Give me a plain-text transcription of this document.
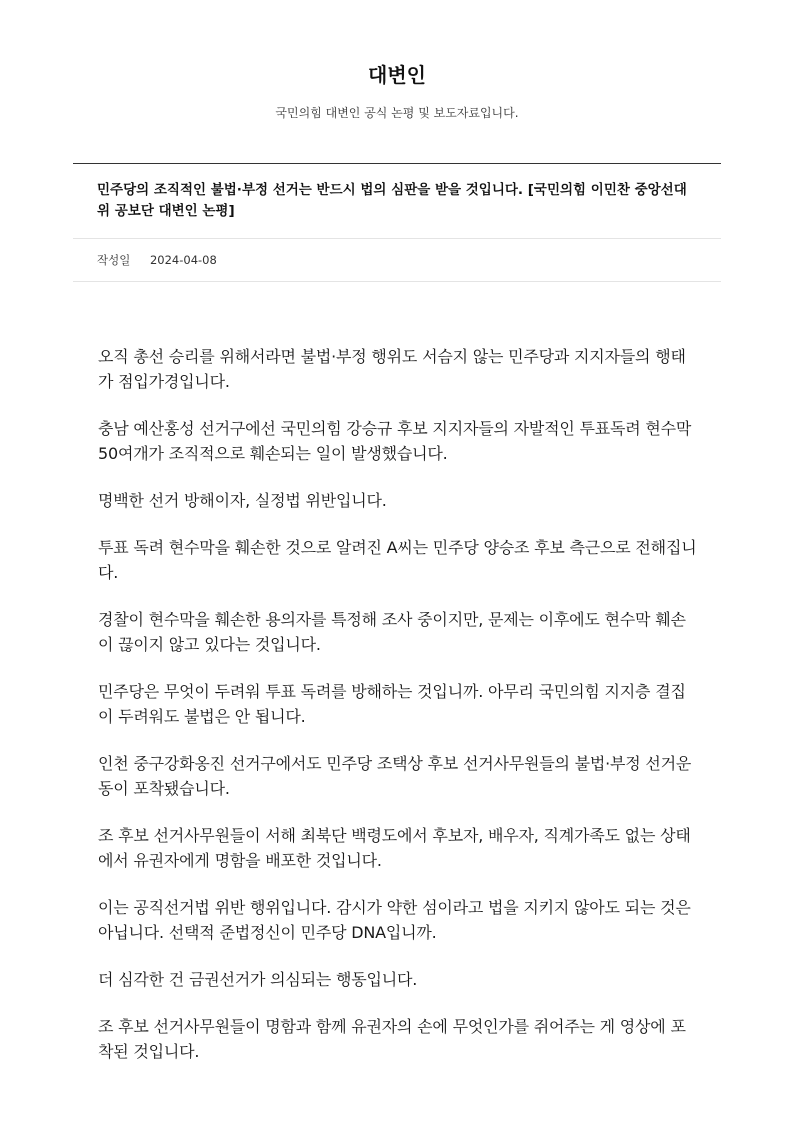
대변인
국민의힘 대변인 공식 논평 및 보도자료입니다.
민주당의 조직적인 불법·부정 선거는 반드시 법의 심판을 받을 것입니다. [국민의힘 이민찬 중앙선대위 공보단 대변인 논평]
작성일 2024-04-08

오직 총선 승리를 위해서라면 불법·부정 행위도 서슴지 않는 민주당과 지지자들의 행태가 점입가경입니다.

충남 예산홍성 선거구에선 국민의힘 강승규 후보 지지자들의 자발적인 투표독려 현수막 50여개가 조직적으로 훼손되는 일이 발생했습니다.

명백한 선거 방해이자, 실정법 위반입니다.

투표 독려 현수막을 훼손한 것으로 알려진 A씨는 민주당 양승조 후보 측근으로 전해집니다.

경찰이 현수막을 훼손한 용의자를 특정해 조사 중이지만, 문제는 이후에도 현수막 훼손이 끊이지 않고 있다는 것입니다.

민주당은 무엇이 두려워 투표 독려를 방해하는 것입니까. 아무리 국민의힘 지지층 결집이 두려워도 불법은 안 됩니다.

인천 중구강화옹진 선거구에서도 민주당 조택상 후보 선거사무원들의 불법·부정 선거운동이 포착됐습니다.

조 후보 선거사무원들이 서해 최북단 백령도에서 후보자, 배우자, 직계가족도 없는 상태에서 유권자에게 명함을 배포한 것입니다.

이는 공직선거법 위반 행위입니다. 감시가 약한 섬이라고 법을 지키지 않아도 되는 것은 아닙니다. 선택적 준법정신이 민주당 DNA입니까.

더 심각한 건 금권선거가 의심되는 행동입니다.

조 후보 선거사무원들이 명함과 함께 유권자의 손에 무엇인가를 쥐어주는 게 영상에 포착된 것입니다.
